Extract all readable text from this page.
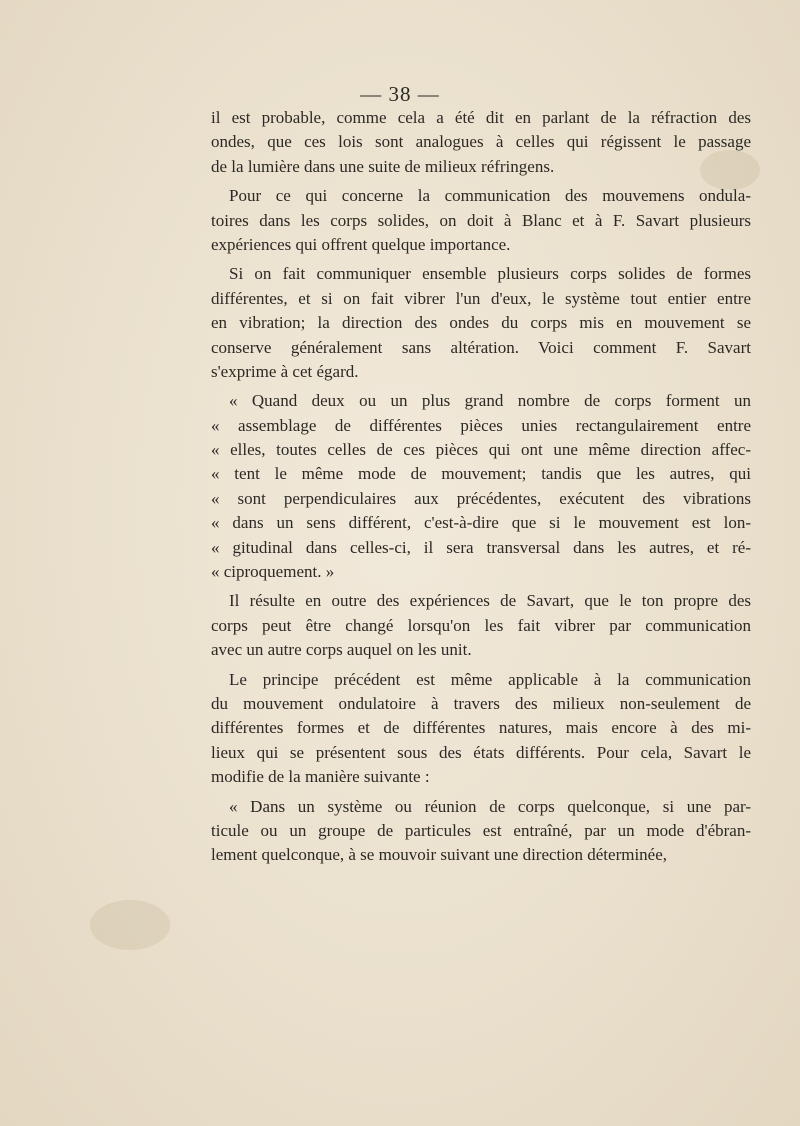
— 38 —
il est probable, comme cela a été dit en parlant de la réfraction des
ondes, que ces lois sont analogues à celles qui régissent le passage
de la lumière dans une suite de milieux réfringens.
Pour ce qui concerne la communication des mouvemens ondula-
toires dans les corps solides, on doit à Blanc et à F. Savart plusieurs
expériences qui offrent quelque importance.
Si on fait communiquer ensemble plusieurs corps solides de formes
différentes, et si on fait vibrer l'un d'eux, le système tout entier entre
en vibration; la direction des ondes du corps mis en mouvement se
conserve généralement sans altération. Voici comment F. Savart
s'exprime à cet égard.
« Quand deux ou un plus grand nombre de corps forment un
« assemblage de différentes pièces unies rectangulairement entre
« elles, toutes celles de ces pièces qui ont une même direction affec-
« tent le même mode de mouvement; tandis que les autres, qui
« sont perpendiculaires aux précédentes, exécutent des vibrations
« dans un sens différent, c'est-à-dire que si le mouvement est lon-
« gitudinal dans celles-ci, il sera transversal dans les autres, et ré-
« ciproquement. »
Il résulte en outre des expériences de Savart, que le ton propre des
corps peut être changé lorsqu'on les fait vibrer par communication
avec un autre corps auquel on les unit.
Le principe précédent est même applicable à la communication
du mouvement ondulatoire à travers des milieux non-seulement de
différentes formes et de différentes natures, mais encore à des mi-
lieux qui se présentent sous des états différents. Pour cela, Savart le
modifie de la manière suivante :
« Dans un système ou réunion de corps quelconque, si une par-
ticule ou un groupe de particules est entraîné, par un mode d'ébran-
lement quelconque, à se mouvoir suivant une direction déterminée,
